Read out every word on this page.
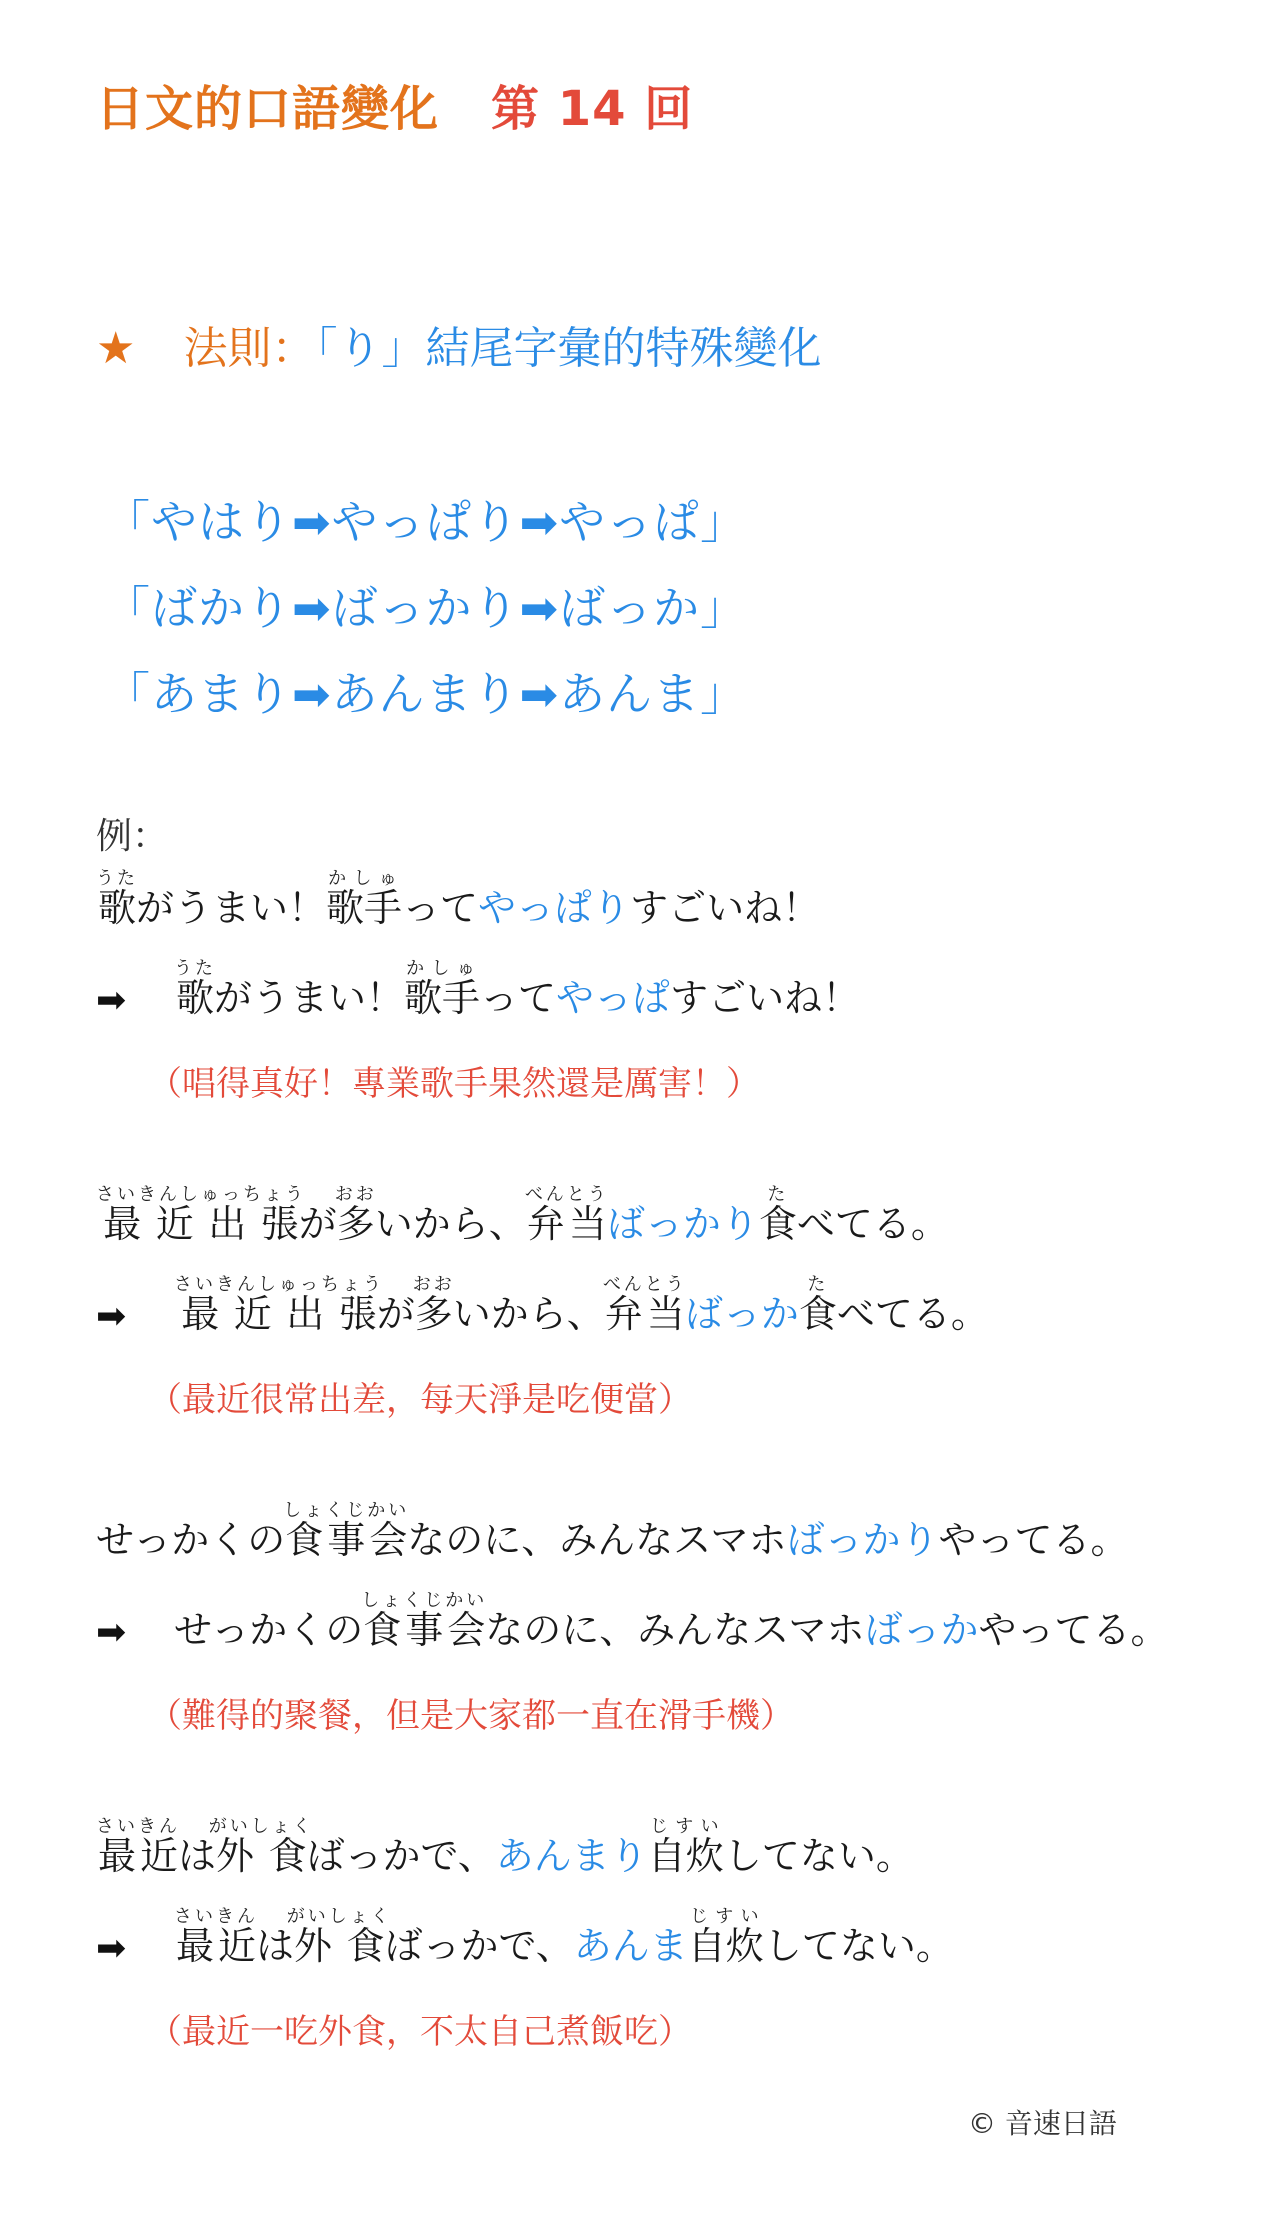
日文的口語變化 第 14 回
★ 法則：「り」結尾字彙的特殊變化
「やはり➡やっぱり➡やっぱ」
「ばかり➡ばっかり➡ばっか」
「あまり➡あんまり➡あんま」
例：
歌うたがうまい！歌手かしゅってやっぱりすごいね！
➡ 歌うたがうまい！歌手かしゅってやっぱすごいね！
（唱得真好！專業歌手果然還是厲害！）
最近出張さいきんしゅっちょうが多おおいから、弁当べんとうばっかり食たべてる。
➡ 最近出張さいきんしゅっちょうが多おおいから、弁当べんとうばっか食たべてる。
（最近很常出差，每天淨是吃便當）
せっかくの食事会しょくじかいなのに、みんなスマホばっかりやってる。
➡ せっかくの食事会しょくじかいなのに、みんなスマホばっかやってる。
（難得的聚餐，但是大家都一直在滑手機）
最近さいきんは外食がいしょくばっかで、あんまり自炊じすいしてない。
➡ 最近さいきんは外食がいしょくばっかで、あんま自炊じすいしてない。
（最近一吃外食，不太自己煮飯吃）
© 音速日語
